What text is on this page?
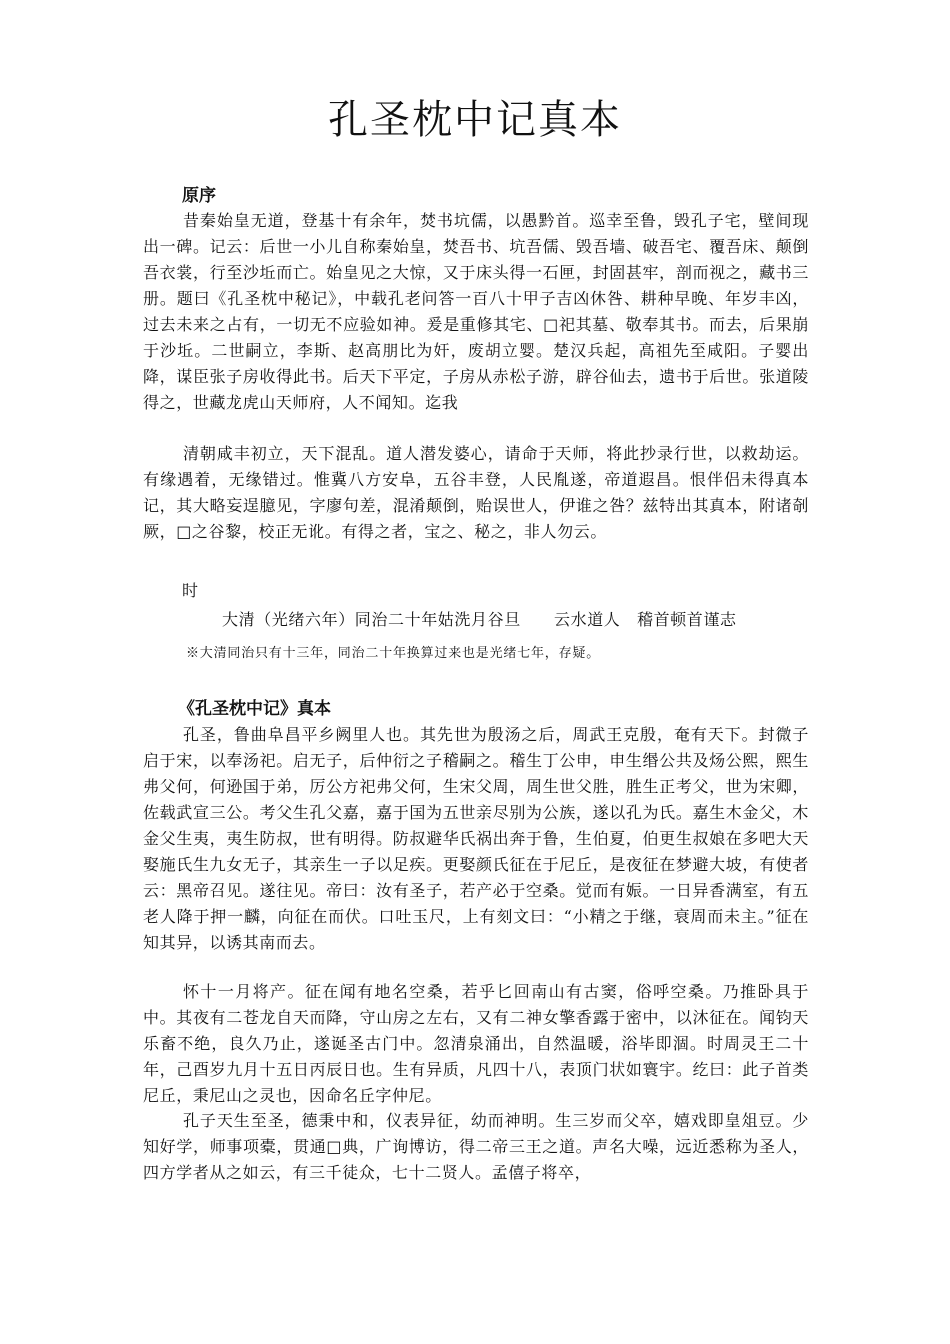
孔圣枕中记真本
原序

昔秦始皇无道，登基十有余年，焚书坑儒，以愚黔首。巡幸至鲁，毁孔子宅，壁间现出一碑。记云：后世一小儿自称秦始皇，焚吾书、坑吾儒、毁吾墙、破吾宅、覆吾床、颠倒吾衣裳，行至沙坵而亡。始皇见之大惊，又于床头得一石匣，封固甚牢，剖而视之，藏书三册。题曰《孔圣枕中秘记》，中载孔老问答一百八十甲子吉凶休咎、耕种早晚、年岁丰凶，过去未来之占有，一切无不应验如神。爰是重修其宅、□祀其墓、敬奉其书。而去，后果崩于沙坵。二世嗣立，李斯、赵高朋比为奸，废胡立婴。楚汉兵起，高祖先至咸阳。子婴出降，谋臣张子房收得此书。后天下平定，子房从赤松子游，辟谷仙去，遗书于后世。张道陵得之，世藏龙虎山天师府，人不闻知。迄我

清朝咸丰初立，天下混乱。道人潜发婆心，请命于天师，将此抄录行世，以救劫运。有缘遇着，无缘错过。惟冀八方安阜，五谷丰登，人民胤遂，帝道遐昌。恨伴侣未得真本记，其大略妄逞臆见，字廖句差，混淆颠倒，贻误世人，伊谁之咎？兹特出其真本，附诸剞厥，□之谷黎，校正无讹。有得之者，宝之、秘之，非人勿云。

时
大清（光绪六年）同治二十年姑洗月谷旦　　云水道人　稽首顿首谨志
※大清同治只有十三年，同治二十年换算过来也是光绪七年，存疑。
《孔圣枕中记》真本

孔圣，鲁曲阜昌平乡阙里人也。其先世为殷汤之后，周武王克殷，奄有天下。封微子启于宋，以奉汤祀。启无子，后仲衍之子稽嗣之。稽生丁公申，申生缗公共及炀公熙，熙生弗父何，何逊国于弟，厉公方祀弗父何，生宋父周，周生世父胜，胜生正考父，世为宋卿，佐载武宣三公。考父生孔父嘉，嘉于国为五世亲尽别为公族，遂以孔为氏。嘉生木金父，木金父生夷，夷生防叔，世有明得。防叔避华氏祸出奔于鲁，生伯夏，伯更生叔娘在多吧大天娶施氏生九女无子，其亲生一子以足疾。更娶颜氏征在于尼丘，是夜征在梦避大坡，有使者云：黑帝召见。遂往见。帝曰：汝有圣子，若产必于空桑。觉而有娠。一日异香满室，有五老人降于押一麟，向征在而伏。口吐玉尺，上有刻文曰：“小精之于继，衰周而未主。”征在知其异，以诱其南而去。

怀十一月将产。征在闻有地名空桑，若乎匕回南山有古窦，俗呼空桑。乃推卧具于中。其夜有二苍龙自天而降，守山房之左右，又有二神女擎香露于密中，以沐征在。闻钧天乐畜不绝，良久乃止，遂诞圣古门中。忽清泉涌出，自然温暖，浴毕即涸。时周灵王二十年，己酉岁九月十五日丙辰日也。生有异质，凡四十八，表顶门状如寰宇。纥曰：此子首类尼丘，秉尼山之灵也，因命名丘字仲尼。

孔子天生至圣，德秉中和，仪表异征，幼而神明。生三岁而父卒，嬉戏即皇俎豆。少知好学，师事项橐，贯通□典，广询博访，得二帝三王之道。声名大噪，远近悉称为圣人，四方学者从之如云，有三千徒众，七十二贤人。孟僖子将卒，
